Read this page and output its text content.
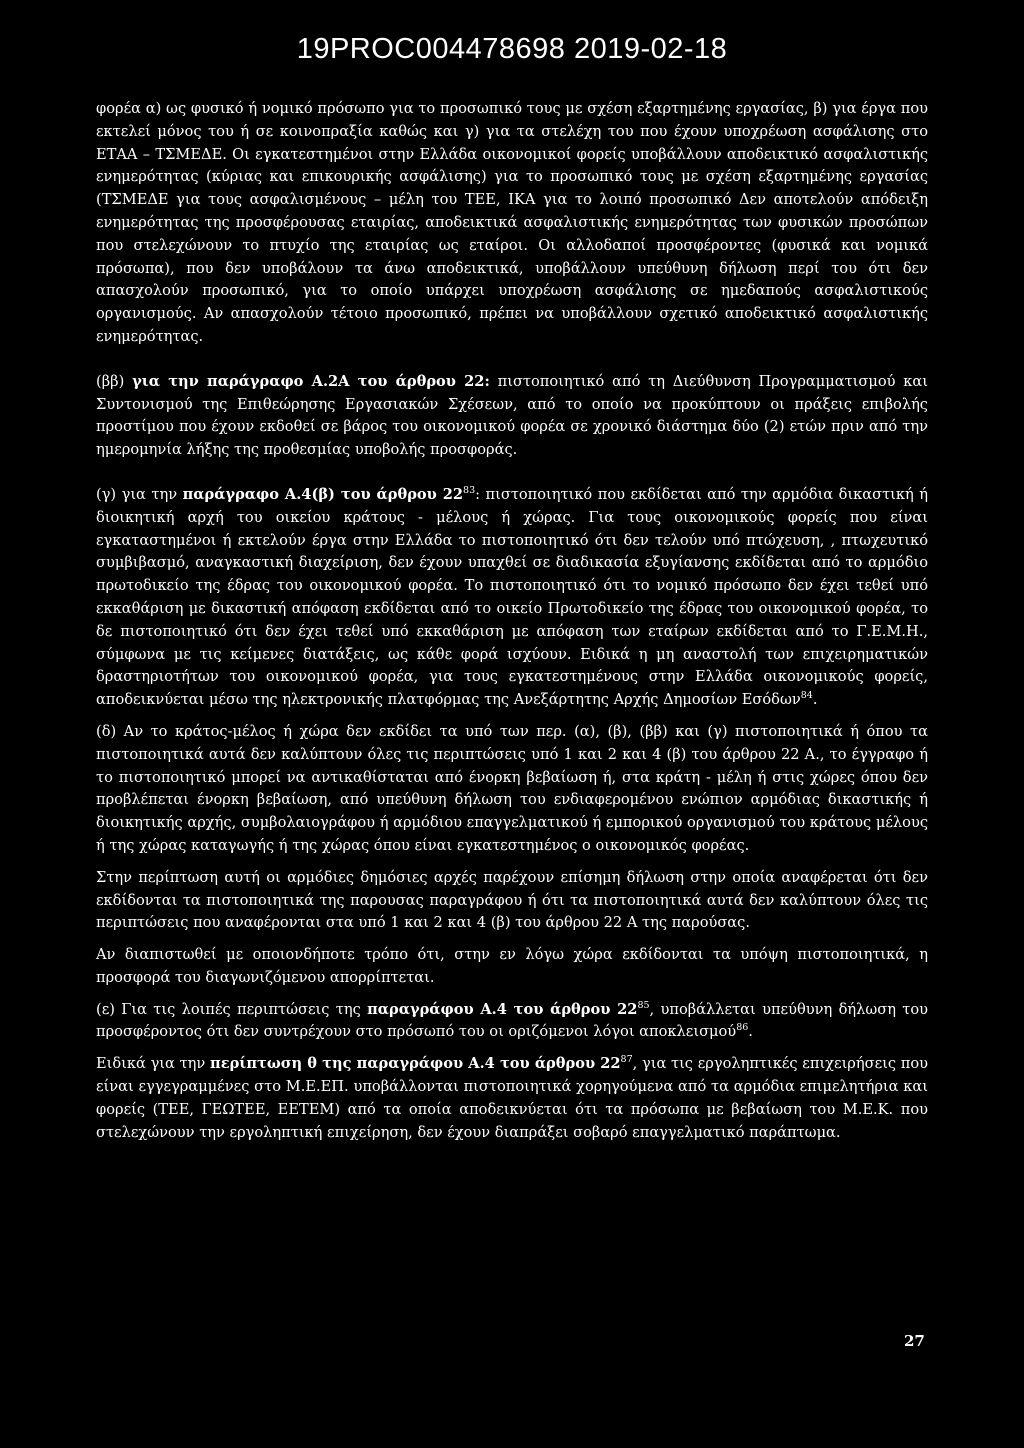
19PROC004478698 2019-02-18

φορέα α) ως φυσικό ή νομικό πρόσωπο για το προσωπικό τους με σχέση εξαρτημένης εργασίας, β) για έργα που εκτελεί μόνος του ή σε κοινοπραξία καθώς και γ) για τα στελέχη του που έχουν υποχρέωση ασφάλισης στο ΕΤΑΑ – ΤΣΜΕΔΕ. Οι εγκατεστημένοι στην Ελλάδα οικονομικοί φορείς υποβάλλουν αποδεικτικό ασφαλιστικής ενημερότητας (κύριας και επικουρικής ασφάλισης) για το προσωπικό τους με σχέση εξαρτημένης εργασίας (ΤΣΜΕΔΕ για τους ασφαλισμένους – μέλη του ΤΕΕ, ΙΚΑ για το λοιπό προσωπικό Δεν αποτελούν απόδειξη ενημερότητας της προσφέρουσας εταιρίας, αποδεικτικά ασφαλιστικής ενημερότητας των φυσικών προσώπων που στελεχώνουν το πτυχίο της εταιρίας ως εταίροι. Οι αλλοδαποί προσφέροντες (φυσικά και νομικά πρόσωπα), που δεν υποβάλουν τα άνω αποδεικτικά, υποβάλλουν υπεύθυνη δήλωση περί του ότι δεν απασχολούν προσωπικό, για το οποίο υπάρχει υποχρέωση ασφάλισης σε ημεδαπούς ασφαλιστικούς οργανισμούς. Αν απασχολούν τέτοιο προσωπικό, πρέπει να υποβάλλουν σχετικό αποδεικτικό ασφαλιστικής ενημερότητας.

(ββ) για την παράγραφο Α.2Α του άρθρου 22: πιστοποιητικό από τη Διεύθυνση Προγραμματισμού και Συντονισμού της Επιθεώρησης Εργασιακών Σχέσεων, από το οποίο να προκύπτουν οι πράξεις επιβολής προστίμου που έχουν εκδοθεί σε βάρος του οικονομικού φορέα σε χρονικό διάστημα δύο (2) ετών πριν από την ημερομηνία λήξης της προθεσμίας υποβολής προσφοράς.

(γ) για την παράγραφο Α.4(β) του άρθρου $22^{83}$: πιστοποιητικό που εκδίδεται από την αρμόδια δικαστική ή διοικητική αρχή του οικείου κράτους - μέλους ή χώρας. Για τους οικονομικούς φορείς που είναι εγκαταστημένοι ή εκτελούν έργα στην Ελλάδα το πιστοποιητικό ότι δεν τελούν υπό πτώχευση, , πτωχευτικό συμβιβασμό, αναγκαστική διαχείριση, δεν έχουν υπαχθεί σε διαδικασία εξυγίανσης εκδίδεται από το αρμόδιο πρωτοδικείο της έδρας του οικονομικού φορέα. Το πιστοποιητικό ότι το νομικό πρόσωπο δεν έχει τεθεί υπό εκκαθάριση με δικαστική απόφαση εκδίδεται από το οικείο Πρωτοδικείο της έδρας του οικονομικού φορέα, το δε πιστοποιητικό ότι δεν έχει τεθεί υπό εκκαθάριση με απόφαση των εταίρων εκδίδεται από το Γ.Ε.Μ.Η., σύμφωνα με τις κείμενες διατάξεις, ως κάθε φορά ισχύουν. Ειδικά η μη αναστολή των επιχειρηματικών δραστηριοτήτων του οικονομικού φορέα, για τους εγκατεστημένους στην Ελλάδα οικονομικούς φορείς, αποδεικνύεται μέσω της ηλεκτρονικής πλατφόρμας της Ανεξάρτητης Αρχής Δημοσίων Εσόδων$^{84}$.

(δ) Αν το κράτος-μέλος ή χώρα δεν εκδίδει τα υπό των περ. (α), (β), (ββ) και (γ) πιστοποιητικά ή όπου τα πιστοποιητικά αυτά δεν καλύπτουν όλες τις περιπτώσεις υπό 1 και 2 και 4 (β) του άρθρου 22 Α., το έγγραφο ή το πιστοποιητικό μπορεί να αντικαθίσταται από ένορκη βεβαίωση ή, στα κράτη - μέλη ή στις χώρες όπου δεν προβλέπεται ένορκη βεβαίωση, από υπεύθυνη δήλωση του ενδιαφερομένου ενώπιον αρμόδιας δικαστικής ή διοικητικής αρχής, συμβολαιογράφου ή αρμόδιου επαγγελματικού ή εμπορικού οργανισμού του κράτους μέλους ή της χώρας καταγωγής ή της χώρας όπου είναι εγκατεστημένος ο οικονομικός φορέας.

Στην περίπτωση αυτή οι αρμόδιες δημόσιες αρχές παρέχουν επίσημη δήλωση στην οποία αναφέρεται ότι δεν εκδίδονται τα πιστοποιητικά της παρουσας παραγράφου ή ότι τα πιστοποιητικά αυτά δεν καλύπτουν όλες τις περιπτώσεις που αναφέρονται στα υπό 1 και 2 και 4 (β) του άρθρου 22 Α της παρούσας.

Αν διαπιστωθεί με οποιονδήποτε τρόπο ότι, στην εν λόγω χώρα εκδίδονται τα υπόψη πιστοποιητικά, η προσφορά του διαγωνιζόμενου απορρίπτεται.

(ε) Για τις λοιπές περιπτώσεις της παραγράφου Α.4 του άρθρου $22^{85}$, υποβάλλεται υπεύθυνη δήλωση του προσφέροντος ότι δεν συντρέχουν στο πρόσωπό του οι οριζόμενοι λόγοι αποκλεισμού$^{86}$.

Ειδικά για την περίπτωση θ της παραγράφου Α.4 του άρθρου $22^{87}$, για τις εργοληπτικές επιχειρήσεις που είναι εγγεγραμμένες στο Μ.Ε.ΕΠ. υποβάλλονται πιστοποιητικά χορηγούμενα από τα αρμόδια επιμελητήρια και φορείς (ΤΕΕ, ΓΕΩΤΕΕ, ΕΕΤΕΜ) από τα οποία αποδεικνύεται ότι τα πρόσωπα με βεβαίωση του Μ.Ε.Κ. που στελεχώνουν την εργοληπτική επιχείρηση, δεν έχουν διαπράξει σοβαρό επαγγελματικό παράπτωμα.

27
